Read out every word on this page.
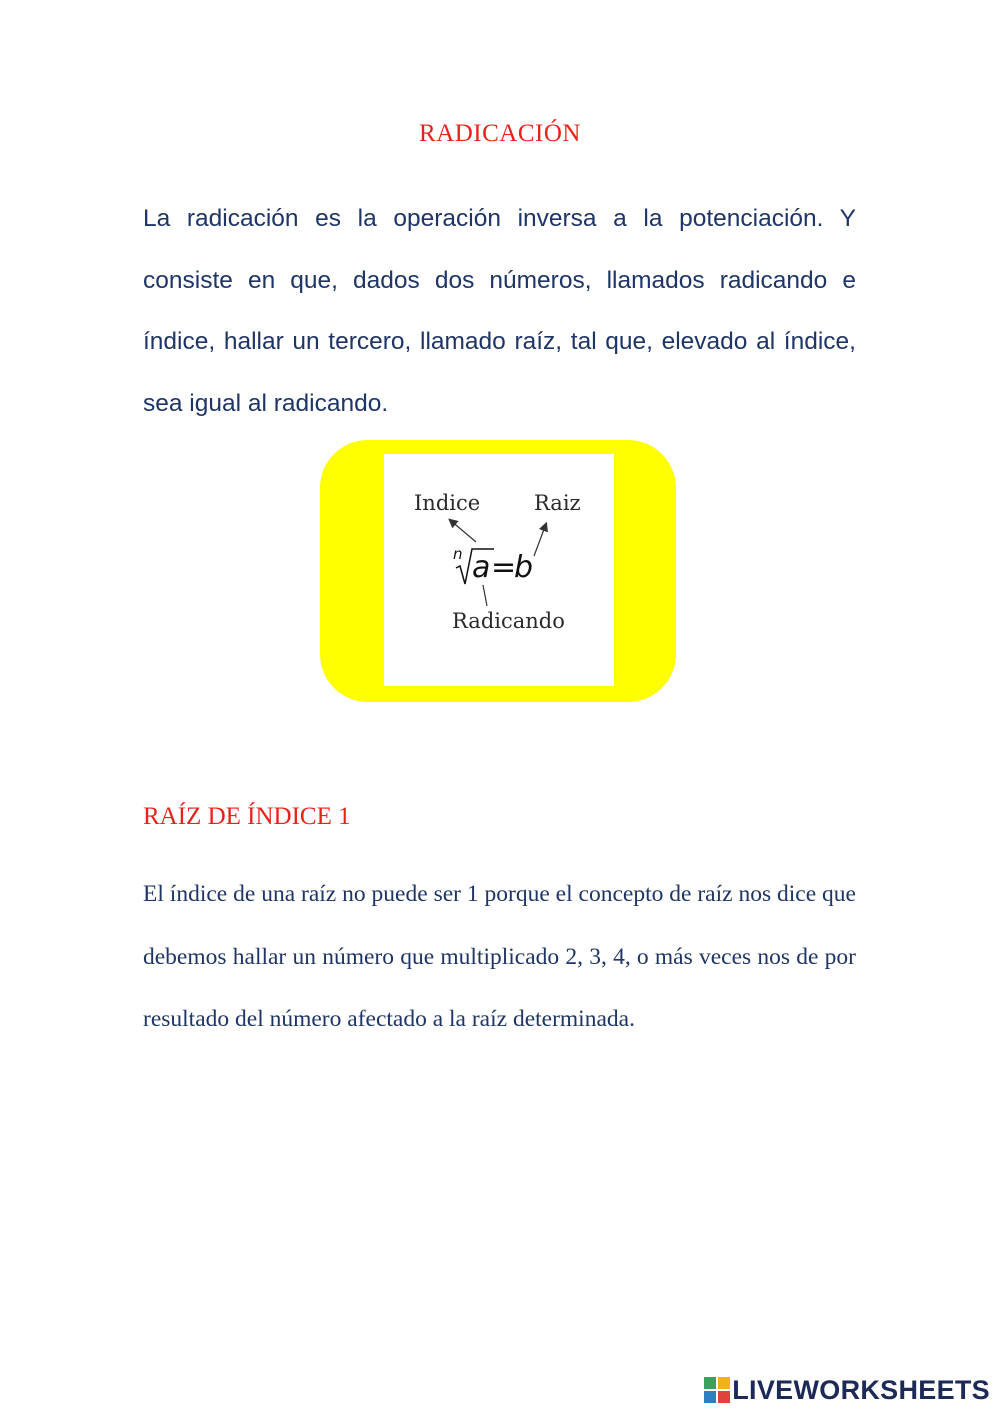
RADICACIÓN
La radicación es la operación inversa a la potenciación. Y consiste en que, dados dos números, llamados radicando e índice, hallar un tercero, llamado raíz, tal que, elevado al índice, sea igual al radicando.
Indice	Raiz
n a =
b
Radicando
RAÍZ DE ÍNDICE 1
El índice de una raíz no puede ser 1 porque el concepto de raíz nos dice que debemos hallar un número que multiplicado 2, 3, 4, o más veces nos de por resultado del número afectado a la raíz determinada.
LIVEWORKSHEETS
